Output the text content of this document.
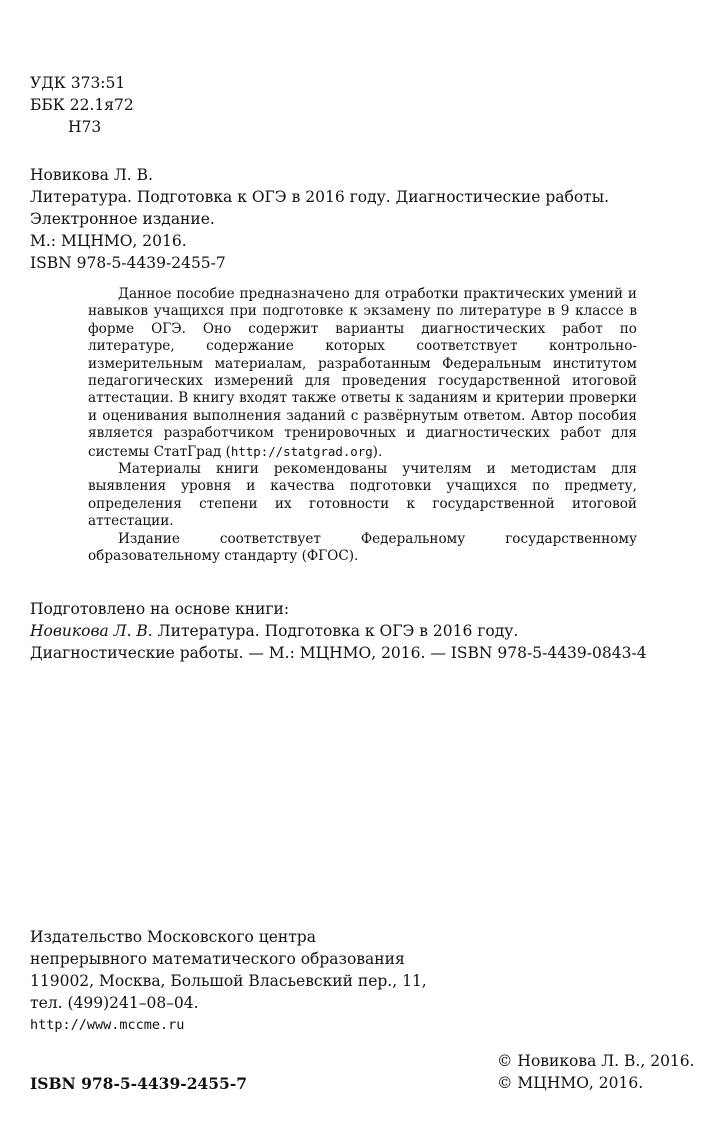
УДК 373:51
ББК 22.1я72
Н73
Новикова Л. В.
Литература. Подготовка к ОГЭ в 2016 году. Диагностические работы.
Электронное издание.
М.: МЦНМО, 2016.
ISBN 978-5-4439-2455-7

Данное пособие предназначено для отработки практических умений и навыков учащихся при подготовке к экзамену по литературе в 9 классе в форме ОГЭ. Оно содержит варианты диагностических работ по литературе, содержание которых соответствует контрольно-измерительным материалам, разработанным Федеральным институтом педагогических измерений для проведения государственной итоговой аттестации. В книгу входят также ответы к заданиям и критерии проверки и оценивания выполнения заданий с развёрнутым ответом. Автор пособия является разработчиком тренировочных и диагностических работ для системы СтатГрад (http://statgrad.org).

Материалы книги рекомендованы учителям и методистам для выявления уровня и качества подготовки учащихся по предмету, определения степени их готовности к государственной итоговой аттестации.

Издание соответствует Федеральному государственному образовательному стандарту (ФГОС).

Подготовлено на основе книги:
Новикова Л. В. Литература. Подготовка к ОГЭ в 2016 году.
Диагностические работы. — М.: МЦНМО, 2016. — ISBN 978-5-4439-0843-4
Издательство Московского центра
непрерывного математического образования
119002, Москва, Большой Власьевский пер., 11,
тел. (499)241–08–04.
http://www.mccme.ru
© Новикова Л. В., 2016.
© МЦНМО, 2016.
ISBN 978-5-4439-2455-7
